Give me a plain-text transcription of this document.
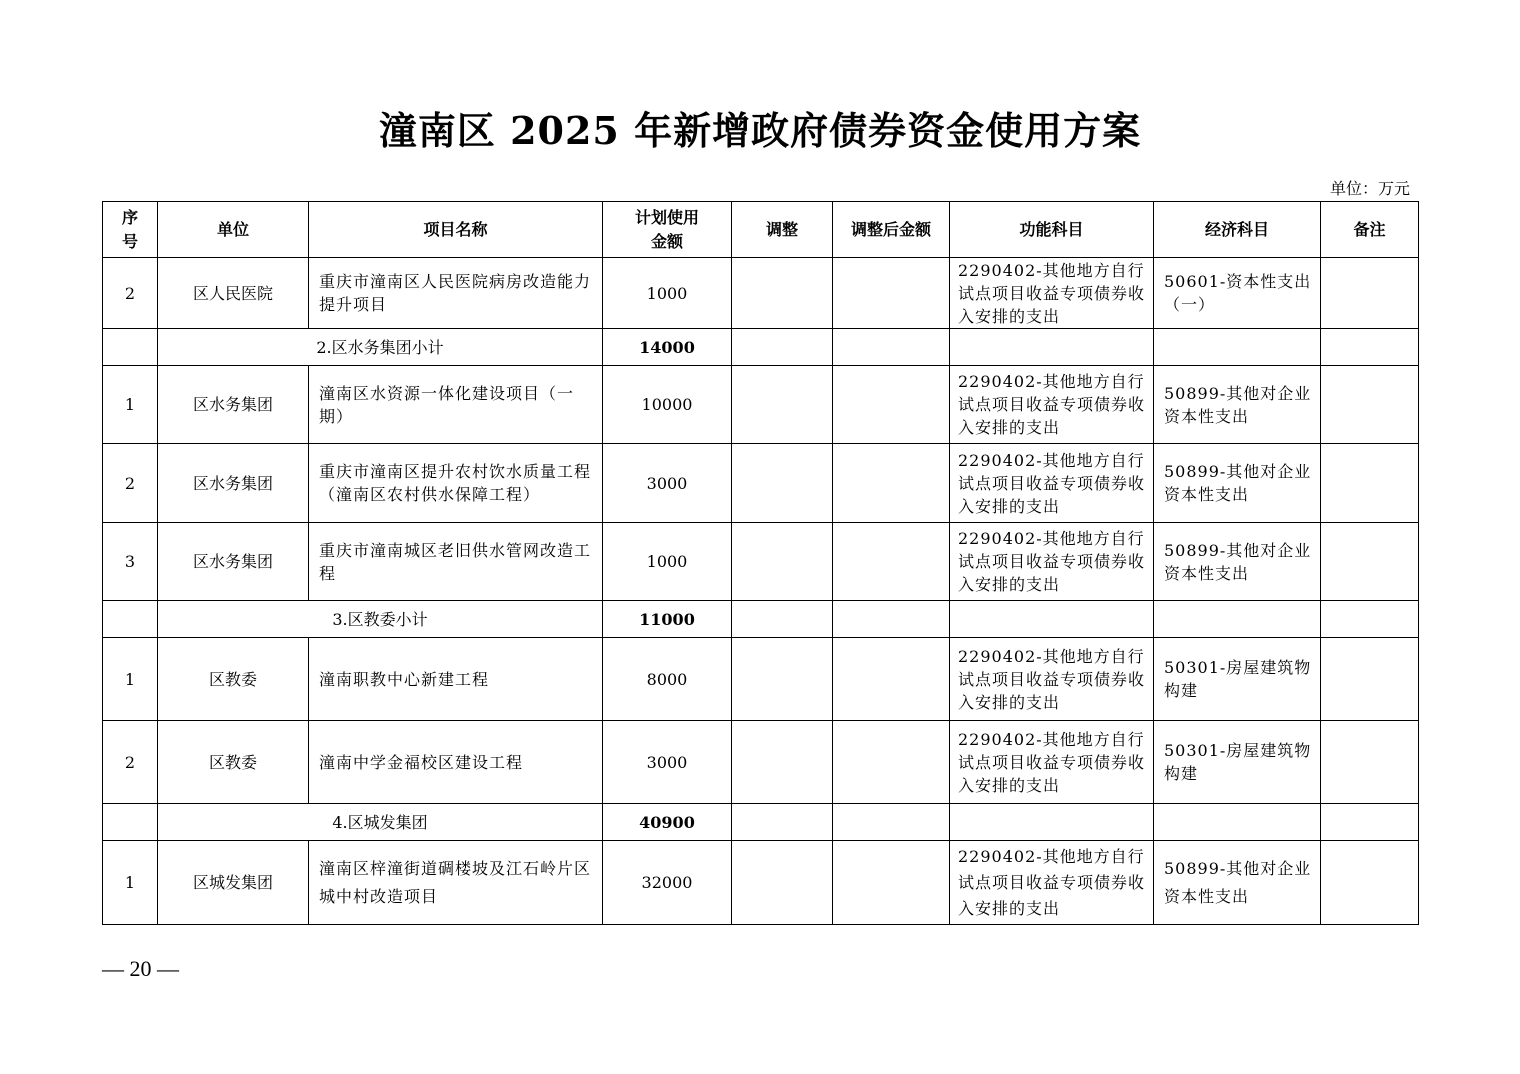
潼南区 2025 年新增政府债券资金使用方案
单位：万元
序号	单位	项目名称	计划使用金额	调整	调整后金额	功能科目	经济科目	备注
2	区人民医院	重庆市潼南区人民医院病房改造能力提升项目	1000			2290402-其他地方自行试点项目收益专项债券收入安排的支出	50601-资本性支出（一）	
	2.区水务集团小计		14000					
1	区水务集团	潼南区水资源一体化建设项目（一期）	10000			2290402-其他地方自行试点项目收益专项债券收入安排的支出	50899-其他对企业资本性支出	
2	区水务集团	重庆市潼南区提升农村饮水质量工程（潼南区农村供水保障工程）	3000			2290402-其他地方自行试点项目收益专项债券收入安排的支出	50899-其他对企业资本性支出	
3	区水务集团	重庆市潼南城区老旧供水管网改造工程	1000			2290402-其他地方自行试点项目收益专项债券收入安排的支出	50899-其他对企业资本性支出	
	3.区教委小计		11000					
1	区教委	潼南职教中心新建工程	8000			2290402-其他地方自行试点项目收益专项债券收入安排的支出	50301-房屋建筑物构建	
2	区教委	潼南中学金福校区建设工程	3000			2290402-其他地方自行试点项目收益专项债券收入安排的支出	50301-房屋建筑物构建	
	4.区城发集团		40900					
1	区城发集团	潼南区梓潼街道碉楼坡及江石岭片区城中村改造项目	32000			2290402-其他地方自行试点项目收益专项债券收入安排的支出	50899-其他对企业资本性支出	
— 20 —
